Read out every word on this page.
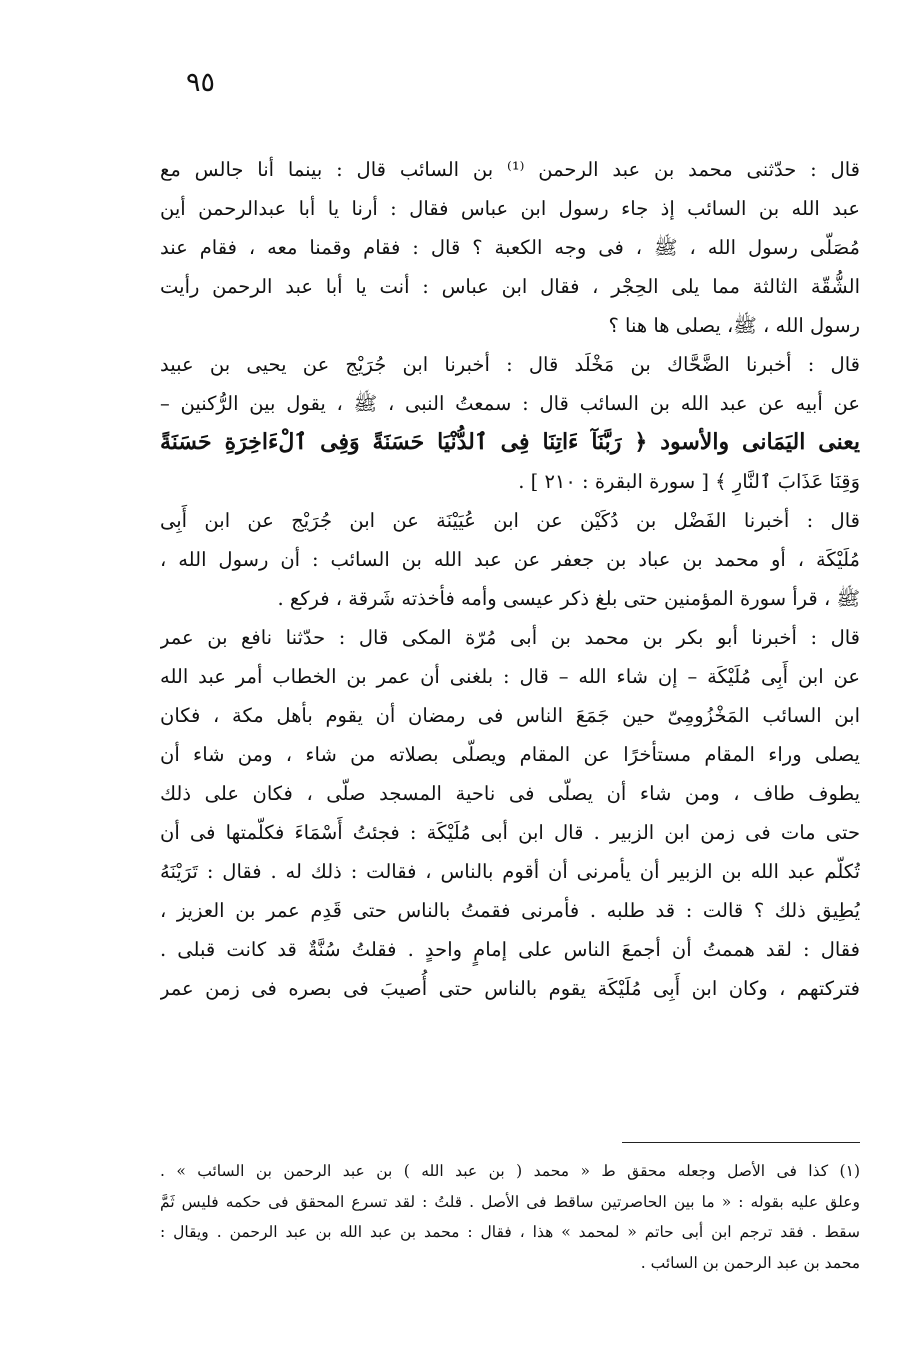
٩٥
قال : حدّثنى محمد بن عبد الرحمن ⁽¹⁾ بن السائب قال : بينما أنا جالس مع
عبد الله بن السائب إذ جاء رسول ابن عباس فقال : أرنا يا أبا عبدالرحمن أين
مُصَلّى رسول الله ، ﷺ ، فى وجه الكعبة ؟ قال : فقام وقمنا معه ، فقام عند
الشُّقّة الثالثة مما يلى الحِجْر ، فقال ابن عباس : أنت يا أبا عبد الرحمن رأيت
رسول الله ، ﷺ، يصلى ها هنا ؟
قال : أخبرنا الضَّحَّاك بن مَخْلَد قال : أخبرنا ابن جُرَيْج عن يحيى بن عبيد
عن أبيه عن عبد الله بن السائب قال : سمعتُ النبى ، ﷺ ، يقول بين الرُّكنين –
يعنى اليَمَانى والأسود ﴿ رَبَّنَآ ءَاتِنَا فِى ٱلدُّنْيَا حَسَنَةً وَفِى ٱلْءَاخِرَةِ حَسَنَةً
وَقِنَا عَذَابَ ٱلنَّارِ ﴾ [ سورة البقرة : ٢١٠ ] .
قال : أخبرنا الفَضْل بن دُكَيْن عن ابن عُيَيْنَة عن ابن جُرَيْج عن ابن أَبِى
مُلَيْكَة ، أو محمد بن عباد بن جعفر عن عبد الله بن السائب : أن رسول الله ،
ﷺ ، قرأ سورة المؤمنين حتى بلغ ذكر عيسى وأمه فأخذته شَرقة ، فركع .
قال : أخبرنا أبو بكر بن محمد بن أبى مُرّة المكى قال : حدّثنا نافع بن عمر
عن ابن أَبِى مُلَيْكَة – إن شاء الله – قال : بلغنى أن عمر بن الخطاب أمر عبد الله
ابن السائب المَخْزُومِىّ حين جَمَعَ الناس فى رمضان أن يقوم بأهل مكة ، فكان
يصلى وراء المقام مستأخرًا عن المقام ويصلّى بصلاته من شاء ، ومن شاء أن
يطوف طاف ، ومن شاء أن يصلّى فى ناحية المسجد صلّى ، فكان على ذلك
حتى مات فى زمن ابن الزبير . قال ابن أبى مُلَيْكَة : فجئتُ أَسْمَاءَ فكلّمتها فى أن
تُكلّم عبد الله بن الزبير أن يأمرنى أن أقوم بالناس ، فقالت : ذلك له . فقال : تَرَيْنَهُ
يُطِيق ذلك ؟ قالت : قد طلبه . فأمرنى فقمتُ بالناس حتى قَدِم عمر بن العزيز ،
فقال : لقد هممتُ أن أجمعَ الناس على إمامٍ واحدٍ . فقلتُ سُنَّةٌ قد كانت قبلى .
فتركتهم ، وكان ابن أَبِى مُلَيْكَة يقوم بالناس حتى أُصيبَ فى بصره فى زمن عمر
(١) كذا فى الأصل وجعله محقق ط « محمد ( بن عبد الله ) بن عبد الرحمن بن السائب » .
وعلق عليه بقوله : « ما بين الحاصرتين ساقط فى الأصل . قلتُ : لقد تسرع المحقق فى حكمه فليس ثَمَّ
سقط . فقد ترجم ابن أبى حاتم « لمحمد » هذا ، فقال : محمد بن عبد الله بن عبد الرحمن . ويقال :
محمد بن عبد الرحمن بن السائب .
